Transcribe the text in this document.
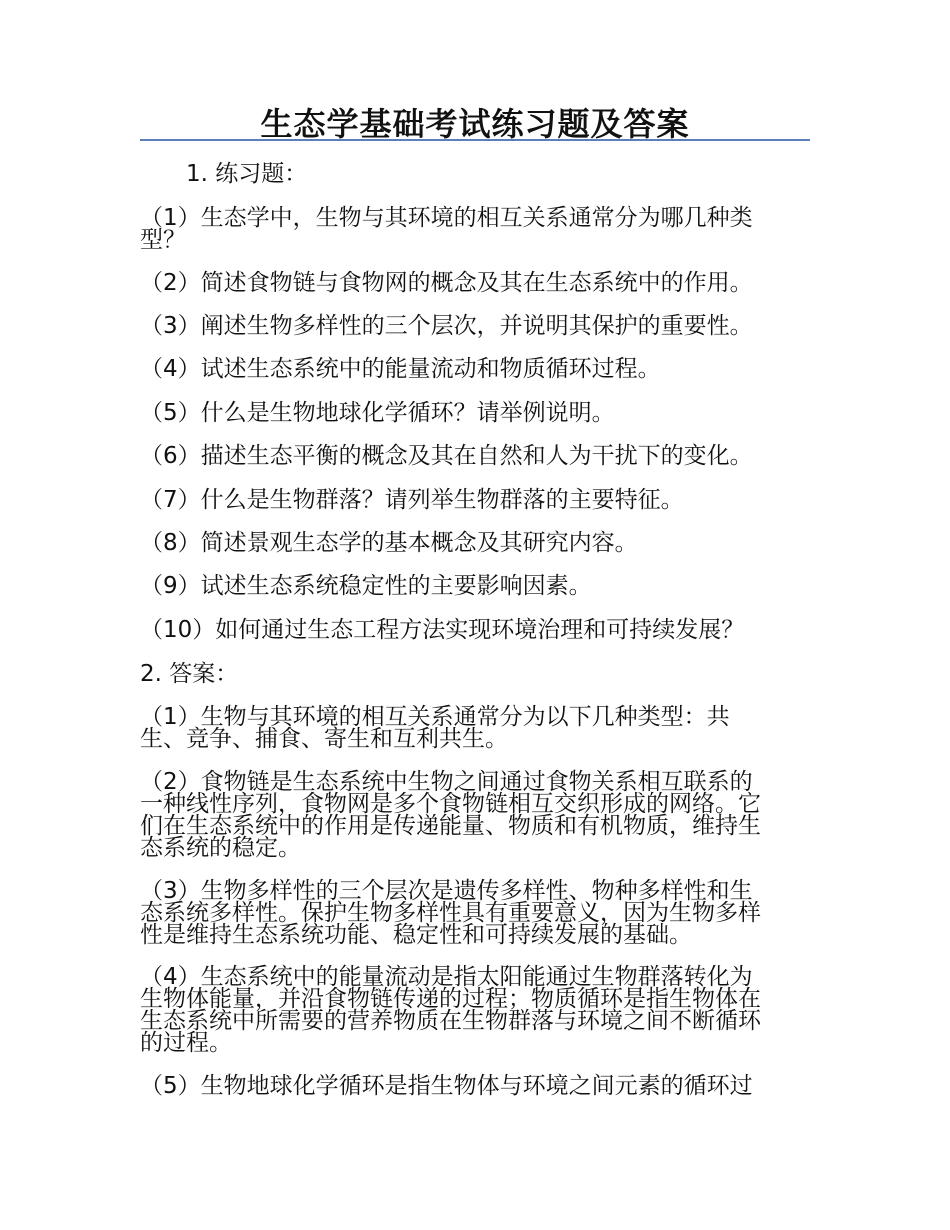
生态学基础考试练习题及答案
1. 练习题：
（1）生态学中，生物与其环境的相互关系通常分为哪几种类
型？
（2）简述食物链与食物网的概念及其在生态系统中的作用。
（3）阐述生物多样性的三个层次，并说明其保护的重要性。
（4）试述生态系统中的能量流动和物质循环过程。
（5）什么是生物地球化学循环？请举例说明。
（6）描述生态平衡的概念及其在自然和人为干扰下的变化。
（7）什么是生物群落？请列举生物群落的主要特征。
（8）简述景观生态学的基本概念及其研究内容。
（9）试述生态系统稳定性的主要影响因素。
（10）如何通过生态工程方法实现环境治理和可持续发展？
2. 答案：
（1）生物与其环境的相互关系通常分为以下几种类型：共
生、竞争、捕食、寄生和互利共生。
（2）食物链是生态系统中生物之间通过食物关系相互联系的
一种线性序列，食物网是多个食物链相互交织形成的网络。它
们在生态系统中的作用是传递能量、物质和有机物质，维持生
态系统的稳定。
（3）生物多样性的三个层次是遗传多样性、物种多样性和生
态系统多样性。保护生物多样性具有重要意义，因为生物多样
性是维持生态系统功能、稳定性和可持续发展的基础。
（4）生态系统中的能量流动是指太阳能通过生物群落转化为
生物体能量，并沿食物链传递的过程；物质循环是指生物体在
生态系统中所需要的营养物质在生物群落与环境之间不断循环
的过程。
（5）生物地球化学循环是指生物体与环境之间元素的循环过
